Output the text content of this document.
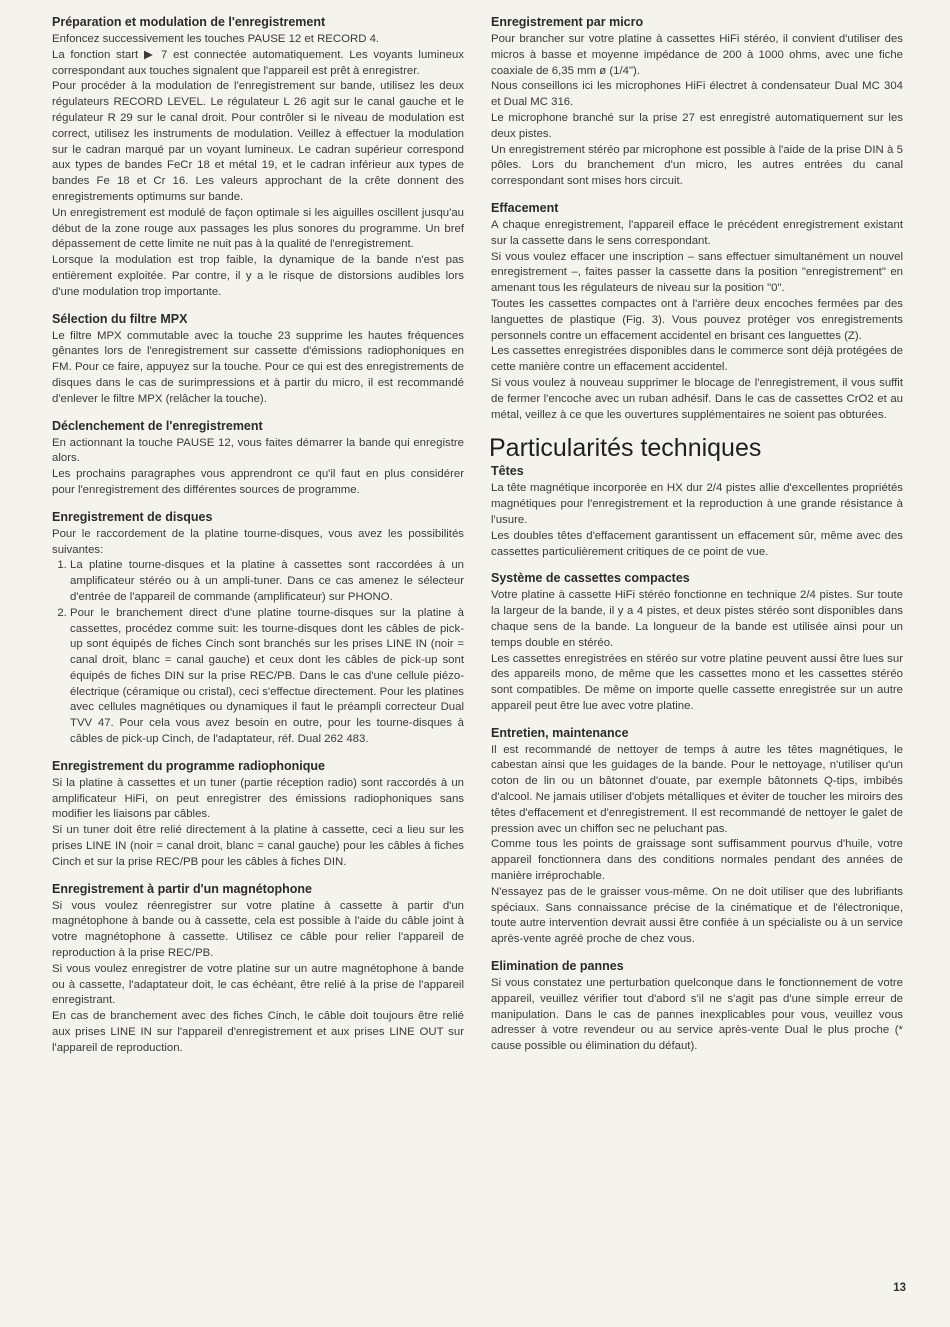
Préparation et modulation de l'enregistrement

Enfoncez successivement les touches PAUSE 12 et RECORD 4.

La fonction start ▶ 7 est connectée automatiquement. Les voyants lumineux correspondant aux touches signalent que l'appareil est prêt à enregistrer.

Pour procéder à la modulation de l'enregistrement sur bande, utilisez les deux régulateurs RECORD LEVEL. Le régulateur L 26 agit sur le canal gauche et le régulateur R 29 sur le canal droit. Pour contrôler si le niveau de modulation est correct, utilisez les instruments de modulation. Veillez à effectuer la modulation sur le cadran marqué par un voyant lumineux. Le cadran supérieur correspond aux types de bandes FeCr 18 et métal 19, et le cadran inférieur aux types de bandes Fe 18 et Cr 16. Les valeurs approchant de la crête donnent des enregistrements optimums sur bande.

Un enregistrement est modulé de façon optimale si les aiguilles oscillent jusqu'au début de la zone rouge aux passages les plus sonores du programme. Un bref dépassement de cette limite ne nuit pas à la qualité de l'enregistrement.

Lorsque la modulation est trop faible, la dynamique de la bande n'est pas entièrement exploitée. Par contre, il y a le risque de distorsions audibles lors d'une modulation trop importante.

Sélection du filtre MPX

Le filtre MPX commutable avec la touche 23 supprime les hautes fréquences gênantes lors de l'enregistrement sur cassette d'émissions radiophoniques en FM. Pour ce faire, appuyez sur la touche. Pour ce qui est des enregistrements de disques dans le cas de surimpressions et à partir du micro, il est recommandé d'enlever le filtre MPX (relâcher la touche).

Déclenchement de l'enregistrement

En actionnant la touche PAUSE 12, vous faites démarrer la bande qui enregistre alors.

Les prochains paragraphes vous apprendront ce qu'il faut en plus considérer pour l'enregistrement des différentes sources de programme.

Enregistrement de disques

Pour le raccordement de la platine tourne-disques, vous avez les possibilités suivantes:

1. La platine tourne-disques et la platine à cassettes sont raccordées à un amplificateur stéréo ou à un ampli-tuner. Dans ce cas amenez le sélecteur d'entrée de l'appareil de commande (amplificateur) sur PHONO.
2. Pour le branchement direct d'une platine tourne-disques sur la platine à cassettes, procédez comme suit: les tourne-disques dont les câbles de pick-up sont équipés de fiches Cinch sont branchés sur les prises LINE IN (noir = canal droit, blanc = canal gauche) et ceux dont les câbles de pick-up sont équipés de fiches DIN sur la prise REC/PB. Dans le cas d'une cellule piézo-électrique (céramique ou cristal), ceci s'effectue directement. Pour les platines avec cellules magnétiques ou dynamiques il faut le préampli correcteur Dual TVV 47. Pour cela vous avez besoin en outre, pour les tourne-disques à câbles de pick-up Cinch, de l'adaptateur, réf. Dual 262 483.
Enregistrement du programme radiophonique

Si la platine à cassettes et un tuner (partie réception radio) sont raccordés à un amplificateur HiFi, on peut enregistrer des émissions radiophoniques sans modifier les liaisons par câbles.

Si un tuner doit être relié directement à la platine à cassette, ceci a lieu sur les prises LINE IN (noir = canal droit, blanc = canal gauche) pour les câbles à fiches Cinch et sur la prise REC/PB pour les câbles à fiches DIN.

Enregistrement à partir d'un magnétophone

Si vous voulez réenregistrer sur votre platine à cassette à partir d'un magnétophone à bande ou à cassette, cela est possible à l'aide du câble joint à votre magnétophone à cassette. Utilisez ce câble pour relier l'appareil de reproduction à la prise REC/PB.

Si vous voulez enregistrer de votre platine sur un autre magnétophone à bande ou à cassette, l'adaptateur doit, le cas échéant, être relié à la prise de l'appareil enregistrant.

En cas de branchement avec des fiches Cinch, le câble doit toujours être relié aux prises LINE IN sur l'appareil d'enregistrement et aux prises LINE OUT sur l'appareil de reproduction.

Enregistrement par micro

Pour brancher sur votre platine à cassettes HiFi stéréo, il convient d'utiliser des micros à basse et moyenne impédance de 200 à 1000 ohms, avec une fiche coaxiale de 6,35 mm ø (1/4").

Nous conseillons ici les microphones HiFi électret à condensateur Dual MC 304 et Dual MC 316.

Le microphone branché sur la prise 27 est enregistré automatiquement sur les deux pistes.

Un enregistrement stéréo par microphone est possible à l'aide de la prise DIN à 5 pôles. Lors du branchement d'un micro, les autres entrées du canal correspondant sont mises hors circuit.

Effacement

A chaque enregistrement, l'appareil efface le précédent enregistrement existant sur la cassette dans le sens correspondant.

Si vous voulez effacer une inscription – sans effectuer simultanément un nouvel enregistrement –, faites passer la cassette dans la position "enregistrement" en amenant tous les régulateurs de niveau sur la position "0".

Toutes les cassettes compactes ont à l'arrière deux encoches fermées par des languettes de plastique (Fig. 3). Vous pouvez protéger vos enregistrements personnels contre un effacement accidentel en brisant ces languettes (Z).

Les cassettes enregistrées disponibles dans le commerce sont déjà protégées de cette manière contre un effacement accidentel.

Si vous voulez à nouveau supprimer le blocage de l'enregistrement, il vous suffit de fermer l'encoche avec un ruban adhésif. Dans le cas de cassettes CrO2 et au métal, veillez à ce que les ouvertures supplémentaires ne soient pas obturées.

Particularités techniques
Têtes

La tête magnétique incorporée en HX dur 2/4 pistes allie d'excellentes propriétés magnétiques pour l'enregistrement et la reproduction à une grande résistance à l'usure.

Les doubles têtes d'effacement garantissent un effacement sûr, même avec des cassettes particulièrement critiques de ce point de vue.

Système de cassettes compactes

Votre platine à cassette HiFi stéréo fonctionne en technique 2/4 pistes. Sur toute la largeur de la bande, il y a 4 pistes, et deux pistes stéréo sont disponibles dans chaque sens de la bande. La longueur de la bande est utilisée ainsi pour un temps double en stéréo.

Les cassettes enregistrées en stéréo sur votre platine peuvent aussi être lues sur des appareils mono, de même que les cassettes mono et les cassettes stéréo sont compatibles. De même on importe quelle cassette enregistrée sur un autre appareil peut être lue avec votre platine.

Entretien, maintenance

Il est recommandé de nettoyer de temps à autre les têtes magnétiques, le cabestan ainsi que les guidages de la bande. Pour le nettoyage, n'utiliser qu'un coton de lin ou un bâtonnet d'ouate, par exemple bâtonnets Q-tips, imbibés d'alcool. Ne jamais utiliser d'objets métalliques et éviter de toucher les miroirs des têtes d'effacement et d'enregistrement. Il est recommandé de nettoyer le galet de pression avec un chiffon sec ne peluchant pas.

Comme tous les points de graissage sont suffisamment pourvus d'huile, votre appareil fonctionnera dans des conditions normales pendant des années de manière irréprochable.

N'essayez pas de le graisser vous-même. On ne doit utiliser que des lubrifiants spéciaux. Sans connaissance précise de la cinématique et de l'électronique, toute autre intervention devrait aussi être confiée à un spécialiste ou à un service après-vente agréé proche de chez vous.

Elimination de pannes

Si vous constatez une perturbation quelconque dans le fonctionnement de votre appareil, veuillez vérifier tout d'abord s'il ne s'agit pas d'une simple erreur de manipulation. Dans le cas de pannes inexplicables pour vous, veuillez vous adresser à votre revendeur ou au service après-vente Dual le plus proche (* cause possible ou élimination du défaut).

13
